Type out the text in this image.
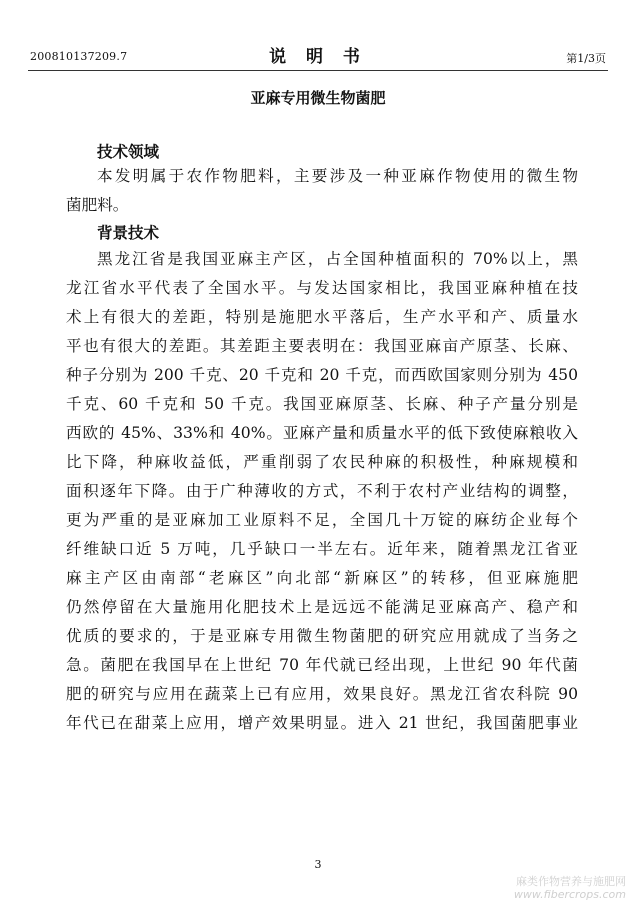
200810137209.7	说 明 书	第1/3页
亚麻专用微生物菌肥
技术领域
本发明属于农作物肥料，主要涉及一种亚麻作物使用的微生物
菌肥料。
背景技术
黑龙江省是我国亚麻主产区，占全国种植面积的 70%以上，黑
龙江省水平代表了全国水平。与发达国家相比，我国亚麻种植在技
术上有很大的差距，特别是施肥水平落后，生产水平和产、质量水
平也有很大的差距。其差距主要表明在：我国亚麻亩产原茎、长麻、
种子分别为 200 千克、20 千克和 20 千克，而西欧国家则分别为 450
千克、60 千克和 50 千克。我国亚麻原茎、长麻、种子产量分别是
西欧的 45%、33%和 40%。亚麻产量和质量水平的低下致使麻粮收入
比下降，种麻收益低，严重削弱了农民种麻的积极性，种麻规模和
面积逐年下降。由于广种薄收的方式，不利于农村产业结构的调整，
更为严重的是亚麻加工业原料不足，全国几十万锭的麻纺企业每个
纤维缺口近 5 万吨，几乎缺口一半左右。近年来，随着黑龙江省亚
麻主产区由南部“老麻区”向北部“新麻区”的转移，但亚麻施肥
仍然停留在大量施用化肥技术上是远远不能满足亚麻高产、稳产和
优质的要求的，于是亚麻专用微生物菌肥的研究应用就成了当务之
急。菌肥在我国早在上世纪 70 年代就已经出现，上世纪 90 年代菌
肥的研究与应用在蔬菜上已有应用，效果良好。黑龙江省农科院 90
年代已在甜菜上应用，增产效果明显。进入 21 世纪，我国菌肥事业
3
麻类作物营养与施肥网
www.fibercrops.com
